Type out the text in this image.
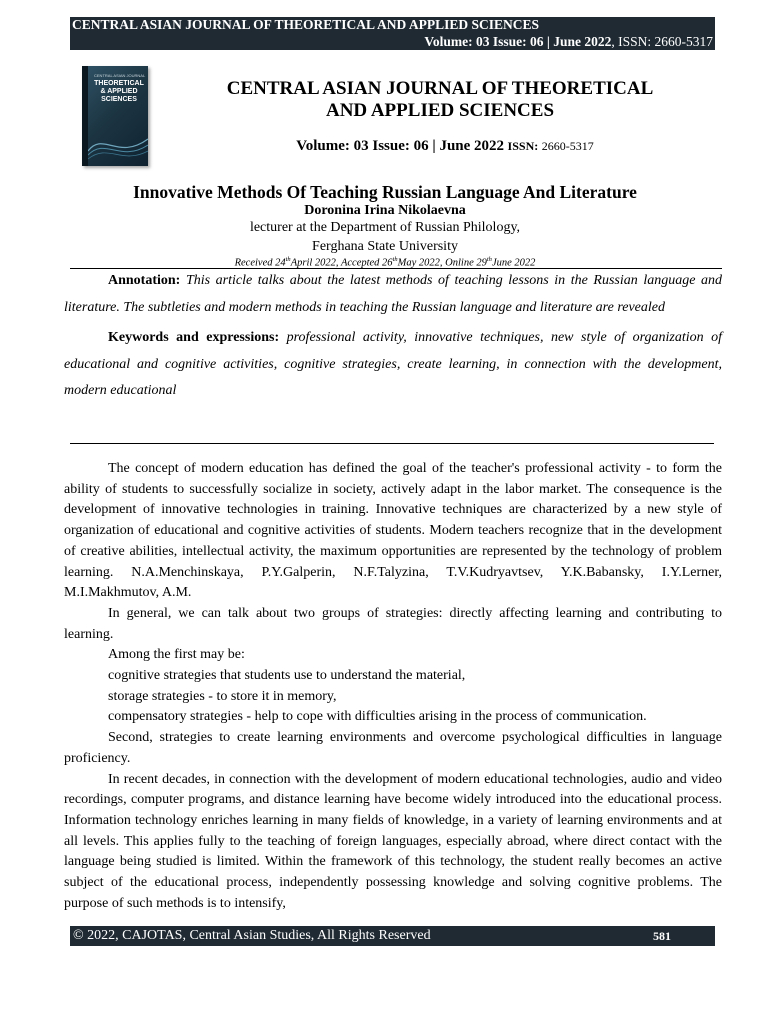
CENTRAL ASIAN JOURNAL OF THEORETICAL AND APPLIED SCIENCES
Volume: 03 Issue: 06 | June 2022, ISSN: 2660-5317
CENTRAL ASIAN JOURNAL
THEORETICAL & APPLIED SCIENCES
CENTRAL ASIAN JOURNAL OF THEORETICAL
AND APPLIED SCIENCES
Volume: 03 Issue: 06 | June 2022 ISSN: 2660-5317
Innovative Methods Of Teaching Russian Language And Literature
Doronina Irina Nikolaevna
lecturer at the Department of Russian Philology,
Ferghana State University
Received 24thApril 2022, Accepted 26thMay 2022, Online 29thJune 2022

Annotation: This article talks about the latest methods of teaching lessons in the Russian language and literature. The subtleties and modern methods in teaching the Russian language and literature are revealed

Keywords and expressions: professional activity, innovative techniques, new style of organization of educational and cognitive activities, cognitive strategies, create learning, in connection with the development, modern educational

The concept of modern education has defined the goal of the teacher's professional activity - to form the ability of students to successfully socialize in society, actively adapt in the labor market. The consequence is the development of innovative technologies in training. Innovative techniques are characterized by a new style of organization of educational and cognitive activities of students. Modern teachers recognize that in the development of creative abilities, intellectual activity, the maximum opportunities are represented by the technology of problem learning. N.A.Menchinskaya, P.Y.Galperin, N.F.Talyzina, T.V.Kudryavtsev, Y.K.Babansky, I.Y.Lerner, M.I.Makhmutov, A.M.

In general, we can talk about two groups of strategies: directly affecting learning and contributing to learning.

Among the first may be:

cognitive strategies that students use to understand the material,

storage strategies - to store it in memory,

compensatory strategies - help to cope with difficulties arising in the process of communication.

Second, strategies to create learning environments and overcome psychological difficulties in language proficiency.

In recent decades, in connection with the development of modern educational technologies, audio and video recordings, computer programs, and distance learning have become widely introduced into the educational process. Information technology enriches learning in many fields of knowledge, in a variety of learning environments and at all levels. This applies fully to the teaching of foreign languages, especially abroad, where direct contact with the language being studied is limited. Within the framework of this technology, the student really becomes an active subject of the educational process, independently possessing knowledge and solving cognitive problems. The purpose of such methods is to intensify,

© 2022, CAJOTAS, Central Asian Studies, All Rights Reserved	581
